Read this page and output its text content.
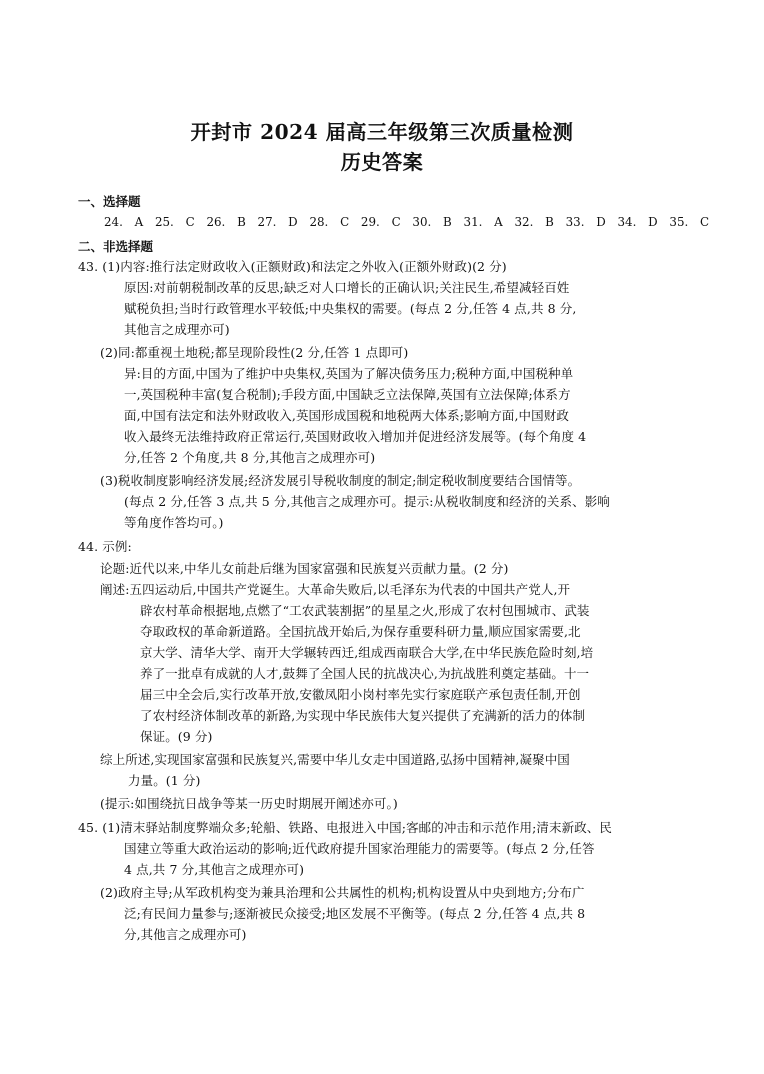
开封市 2024 届高三年级第三次质量检测
历史答案
一、选择题
24. A 25. C 26. B 27. D 28. C 29. C 30. B 31. A 32. B 33. D 34. D 35. C
二、非选择题
43. (1)内容:推行法定财政收入(正额财政)和法定之外收入(正额外财政)(2 分)
原因:对前朝税制改革的反思;缺乏对人口增长的正确认识;关注民生,希望减轻百姓
赋税负担;当时行政管理水平较低;中央集权的需要。(每点 2 分,任答 4 点,共 8 分,
其他言之成理亦可)
(2)同:都重视土地税;都呈现阶段性(2 分,任答 1 点即可)
异:目的方面,中国为了维护中央集权,英国为了解决债务压力;税种方面,中国税种单
一,英国税种丰富(复合税制);手段方面,中国缺乏立法保障,英国有立法保障;体系方
面,中国有法定和法外财政收入,英国形成国税和地税两大体系;影响方面,中国财政
收入最终无法维持政府正常运行,英国财政收入增加并促进经济发展等。(每个角度 4
分,任答 2 个角度,共 8 分,其他言之成理亦可)
(3)税收制度影响经济发展;经济发展引导税收制度的制定;制定税收制度要结合国情等。
(每点 2 分,任答 3 点,共 5 分,其他言之成理亦可。提示:从税收制度和经济的关系、影响
等角度作答均可。)
44. 示例:
论题:近代以来,中华儿女前赴后继为国家富强和民族复兴贡献力量。(2 分)
阐述:五四运动后,中国共产党诞生。大革命失败后,以毛泽东为代表的中国共产党人,开
辟农村革命根据地,点燃了“工农武装割据”的星星之火,形成了农村包围城市、武装
夺取政权的革命新道路。全国抗战开始后,为保存重要科研力量,顺应国家需要,北
京大学、清华大学、南开大学辗转西迁,组成西南联合大学,在中华民族危险时刻,培
养了一批卓有成就的人才,鼓舞了全国人民的抗战决心,为抗战胜利奠定基础。十一
届三中全会后,实行改革开放,安徽凤阳小岗村率先实行家庭联产承包责任制,开创
了农村经济体制改革的新路,为实现中华民族伟大复兴提供了充满新的活力的体制
保证。(9 分)
综上所述,实现国家富强和民族复兴,需要中华儿女走中国道路,弘扬中国精神,凝聚中国
力量。(1 分)
(提示:如围绕抗日战争等某一历史时期展开阐述亦可。)
45. (1)清末驿站制度弊端众多;轮船、铁路、电报进入中国;客邮的冲击和示范作用;清末新政、民
国建立等重大政治运动的影响;近代政府提升国家治理能力的需要等。(每点 2 分,任答
4 点,共 7 分,其他言之成理亦可)
(2)政府主导;从军政机构变为兼具治理和公共属性的机构;机构设置从中央到地方;分布广
泛;有民间力量参与;逐渐被民众接受;地区发展不平衡等。(每点 2 分,任答 4 点,共 8
分,其他言之成理亦可)
